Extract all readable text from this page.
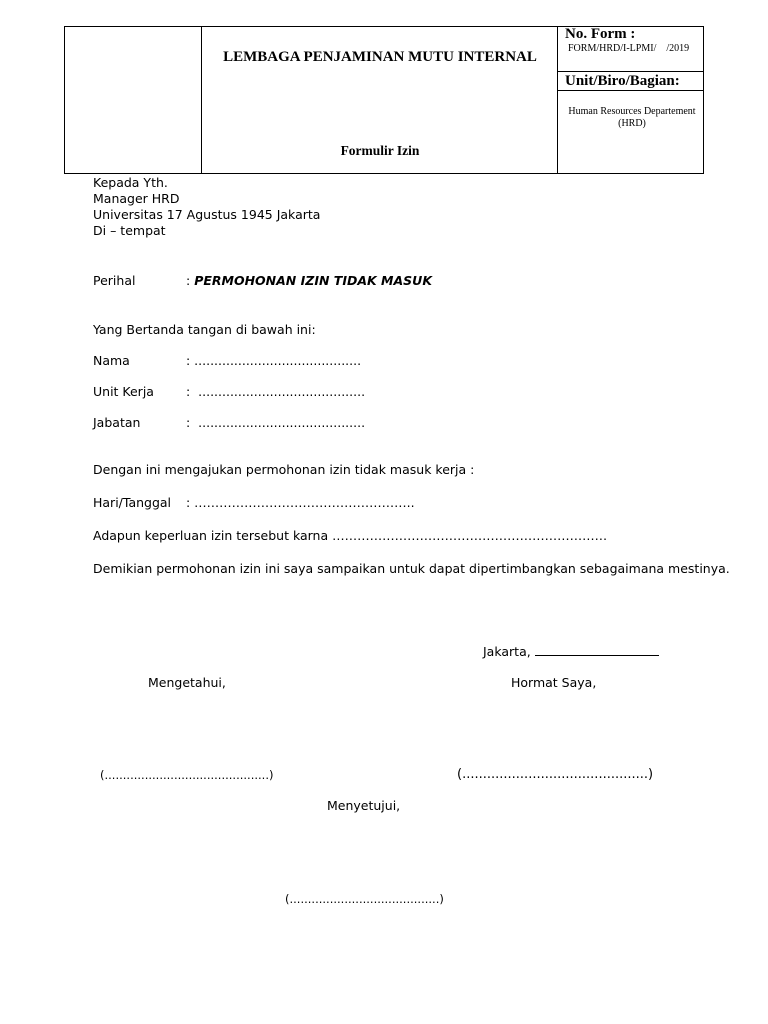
LEMBAGA PENJAMINAN MUTU INTERNAL
Formulir Izin
No. Form :
FORM/HRD/I-LPMI/    /2019
Unit/Biro/Bagian:
Human Resources Departement
(HRD)
Kepada Yth.
Manager HRD
Universitas 17 Agustus 1945 Jakarta
Di – tempat
Perihal	: PERMOHONAN IZIN TIDAK MASUK
Yang Bertanda tangan di bawah ini:
Nama	: ..........................................
Unit Kerja	:  ..........................................
Jabatan	:  ..........................................
Dengan ini mengajukan permohonan izin tidak masuk kerja :
Hari/Tanggal : ……………………………………………..
Adapun keperluan izin tersebut karna …………………………………………………………
Demikian permohonan izin ini saya sampaikan untuk dapat dipertimbangkan sebagaimana mestinya.
Jakarta,
Mengetahui,	Hormat Saya,
(.............................................)	(.............................................)
Menyetujui,
(.........................................)
